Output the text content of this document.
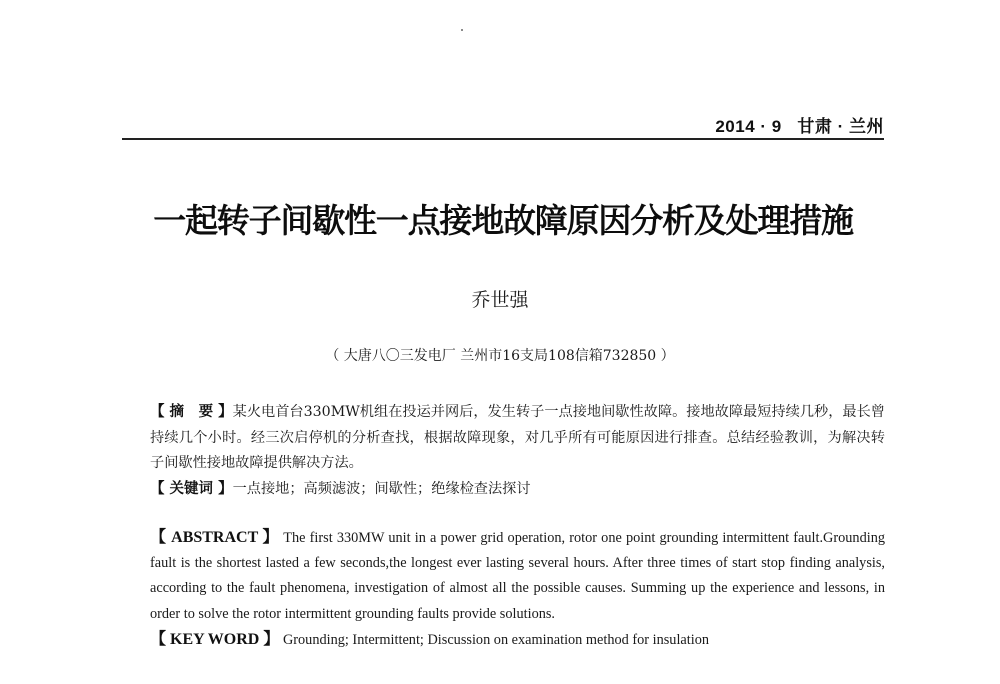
2014 · 9 甘肃 · 兰州
一起转子间歇性一点接地故障原因分析及处理措施
乔世强
（ 大唐八〇三发电厂 兰州市16支局108信箱732850 ）

【 摘　要 】某火电首台330MW机组在投运并网后，发生转子一点接地间歇性故障。接地故障最短持续几秒，最长曾持续几个小时。经三次启停机的分析查找，根据故障现象，对几乎所有可能原因进行排查。总结经验教训，为解决转子间歇性接地故障提供解决方法。

【 关键词 】一点接地；高频滤波；间歇性；绝缘检查法探讨

【 ABSTRACT 】 The first 330MW unit in a power grid operation, rotor one point grounding intermittent fault.Grounding fault is the shortest lasted a few seconds,the longest ever lasting several hours. After three times of start stop finding analysis, according to the fault phenomena, investigation of almost all the possible causes. Summing up the experience and lessons, in order to solve the rotor intermittent grounding faults provide solutions.

【 KEY WORD 】 Grounding; Intermittent; Discussion on examination method for insulation
